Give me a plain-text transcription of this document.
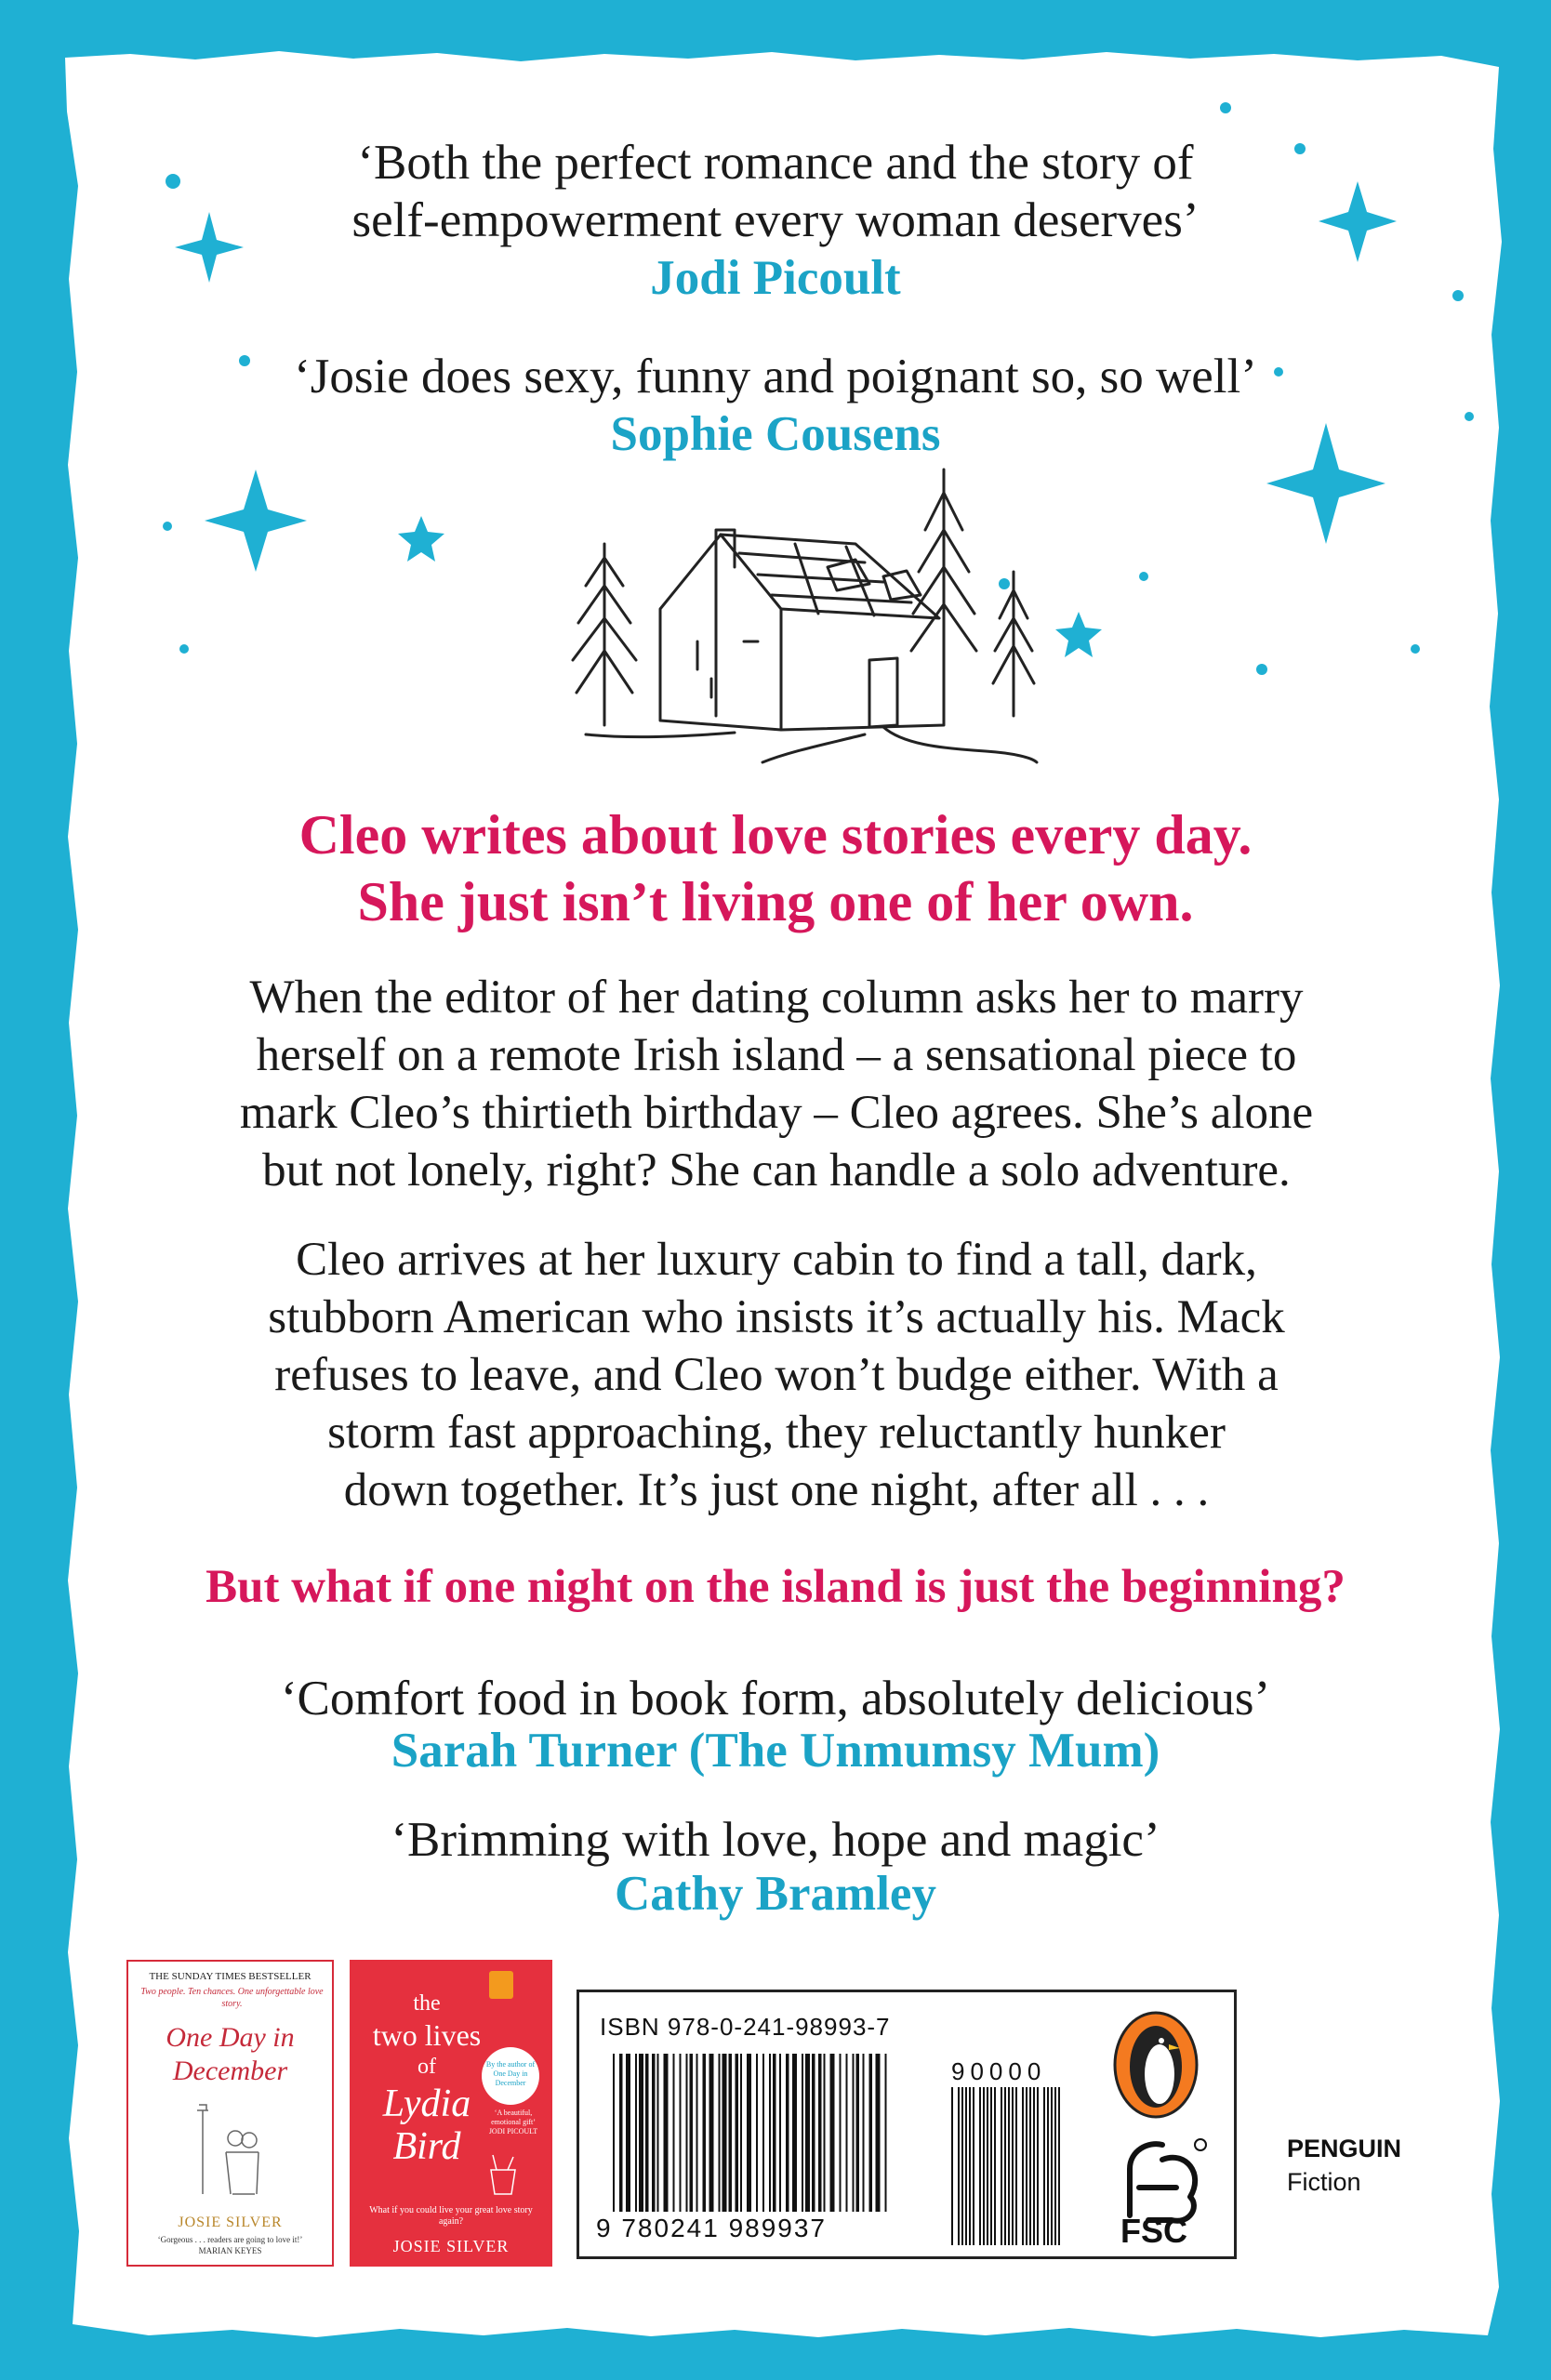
‘Both the perfect romance and the story of
self-empowerment every woman deserves’
Jodi Picoult
‘Josie does sexy, funny and poignant so, so well’
Sophie Cousens
Cleo writes about love stories every day.
She just isn’t living one of her own.
When the editor of her dating column asks her to marry
herself on a remote Irish island – a sensational piece to
mark Cleo’s thirtieth birthday – Cleo agrees. She’s alone
but not lonely, right? She can handle a solo adventure.
Cleo arrives at her luxury cabin to find a tall, dark,
stubborn American who insists it’s actually his. Mack
refuses to leave, and Cleo won’t budge either. With a
storm fast approaching, they reluctantly hunker
down together. It’s just one night, after all . . .
But what if one night on the island is just the beginning?
‘Comfort food in book form, absolutely delicious’
Sarah Turner (The Unmumsy Mum)
‘Brimming with love, hope and magic’
Cathy Bramley
THE SUNDAY TIMES BESTSELLER
Two people. Ten chances. One unforgettable love story.
One Day in
December
JOSIE SILVER
‘Gorgeous . . . readers are going to love it!’
MARIAN KEYES
the
two lives
of
Lydia
Bird
By the author of One Day in December
‘A beautiful, emotional gift’
JODI PICOULT
What if you could live your great love story again?
JOSIE SILVER
ISBN 978-0-241-98993-7
9 780241 989937
90000
FSC
PENGUIN
Fiction
